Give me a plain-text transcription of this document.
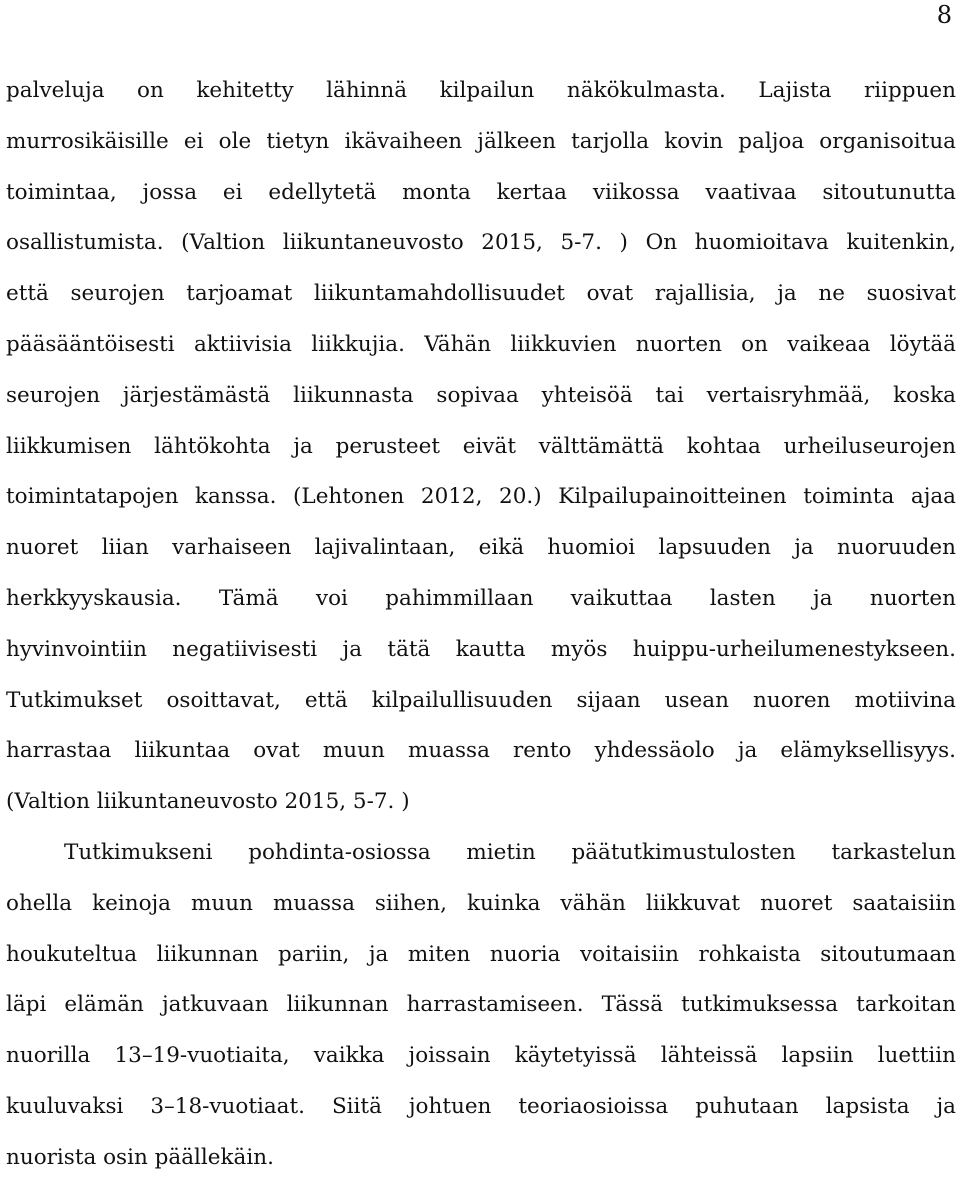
8
palveluja on kehitetty lähinnä kilpailun näkökulmasta. Lajista riippuen
murrosikäisille ei ole tietyn ikävaiheen jälkeen tarjolla kovin paljoa organisoitua
toimintaa, jossa ei edellytetä monta kertaa viikossa vaativaa sitoutunutta
osallistumista. (Valtion liikuntaneuvosto 2015, 5-7. ) On huomioitava kuitenkin,
että seurojen tarjoamat liikuntamahdollisuudet ovat rajallisia, ja ne suosivat
pääsääntöisesti aktiivisia liikkujia. Vähän liikkuvien nuorten on vaikeaa löytää
seurojen järjestämästä liikunnasta sopivaa yhteisöä tai vertaisryhmää, koska
liikkumisen lähtökohta ja perusteet eivät välttämättä kohtaa urheiluseurojen
toimintatapojen kanssa. (Lehtonen 2012, 20.) Kilpailupainoitteinen toiminta ajaa
nuoret liian varhaiseen lajivalintaan, eikä huomioi lapsuuden ja nuoruuden
herkkyyskausia. Tämä voi pahimmillaan vaikuttaa lasten ja nuorten
hyvinvointiin negatiivisesti ja tätä kautta myös huippu-urheilumenestykseen.
Tutkimukset osoittavat, että kilpailullisuuden sijaan usean nuoren motiivina
harrastaa liikuntaa ovat muun muassa rento yhdessäolo ja elämyksellisyys.
(Valtion liikuntaneuvosto 2015, 5-7. )
Tutkimukseni pohdinta-osiossa mietin päätutkimustulosten tarkastelun
ohella keinoja muun muassa siihen, kuinka vähän liikkuvat nuoret saataisiin
houkuteltua liikunnan pariin, ja miten nuoria voitaisiin rohkaista sitoutumaan
läpi elämän jatkuvaan liikunnan harrastamiseen. Tässä tutkimuksessa tarkoitan
nuorilla 13–19-vuotiaita, vaikka joissain käytetyissä lähteissä lapsiin luettiin
kuuluvaksi 3–18-vuotiaat. Siitä johtuen teoriaosioissa puhutaan lapsista ja
nuorista osin päällekäin.
